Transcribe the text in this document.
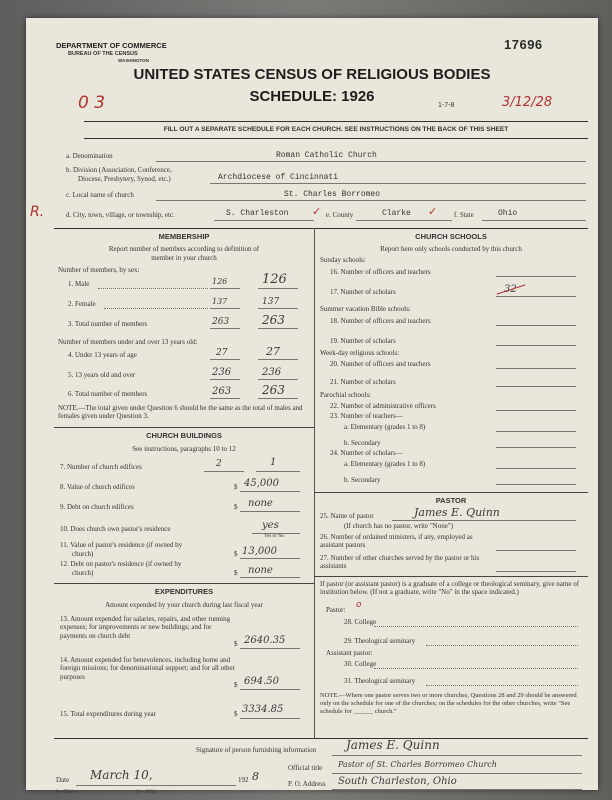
DEPARTMENT OF COMMERCE
BUREAU OF THE CENSUS
WASHINGTON
17696
UNITED STATES CENSUS OF RELIGIOUS BODIES
SCHEDULE: 1926
0 3	1-7-8	3/12/28
FILL OUT A SEPARATE SCHEDULE FOR EACH CHURCH. SEE INSTRUCTIONS ON THE BACK OF THIS SHEET
a. Denomination	Roman Catholic Church
b. Division (Association, Conference,
Diocese, Presbytery, Synod, etc.)	Archdiocese of Cincinnati
c. Local name of church	St. Charles Borromeo
R.	d. City, town, village, or township, etc.	S. Charleston ✓ e. County	Clarke ✓ f. State	Ohio
MEMBERSHIP
Report number of members according to definition of
member in your church
Number of members, by sex:
1. Male	126	126
2. Female	137	137
3. Total number of members	263	263
Number of members under and over 13 years old:
4. Under 13 years of age	27	27
5. 13 years old and over	236	236
6. Total number of members	263	263
NOTE.—The total given under Question 6 should be the same as the total of males and females given under Question 3.
CHURCH BUILDINGS
See instructions, paragraphs 10 to 12
7. Number of church edifices	2	1
8. Value of church edifices	$ 45,000
9. Debt on church edifices	$ none
10. Does church own pastor's residence	yes
Yes or No
11. Value of pastor's residence (if owned by
church)	$ 13,000
12. Debt on pastor's residence (if owned by
church)	$ none
EXPENDITURES
Amount expended by your church during last fiscal year
13. Amount expended for salaries, repairs, and other running expenses; for improvements or new buildings; and for payments on church debt
$ 2640.35
14. Amount expended for benevolences, including home and foreign missions; for denominational support; and for all other purposes
$ 694.50
15. Total expenditures during year	$ 3334.85
CHURCH SCHOOLS
Report here only schools conducted by this church
Sunday schools:
16. Number of officers and teachers
17. Number of scholars	32
Summer vacation Bible schools:
18. Number of officers and teachers
19. Number of scholars
Week-day religious schools:
20. Number of officers and teachers
21. Number of scholars
Parochial schools:
22. Number of administrative officers
23. Number of teachers—
a. Elementary (grades 1 to 8)
b. Secondary
24. Number of scholars—
a. Elementary (grades 1 to 8)
b. Secondary
PASTOR
25. Name of pastor	James E. Quinn
(If church has no pastor, write "None")
26. Number of ordained ministers, if any, employed as assistant pastors
27. Number of other churches served by the pastor or his assistants
If pastor (or assistant pastor) is a graduate of a college or theological seminary, give name of institution below. (If not a graduate, write "No" in the space indicated.)
Pastor: o
28. College
29. Theological seminary
Assistant pastor:
30. College
31. Theological seminary
NOTE.—Where one pastor serves two or more churches, Questions 28 and 29 should be answered only on the schedule for one of the churches; on the schedules for the other churches, write "See schedule for ______ church."
Signature of person furnishing information James E. Quinn
Official title Pastor of St. Charles Borromeo Church
Date March 10,	192 8
P. O. Address South Charleston, Ohio
8—5518 a	11—9034
